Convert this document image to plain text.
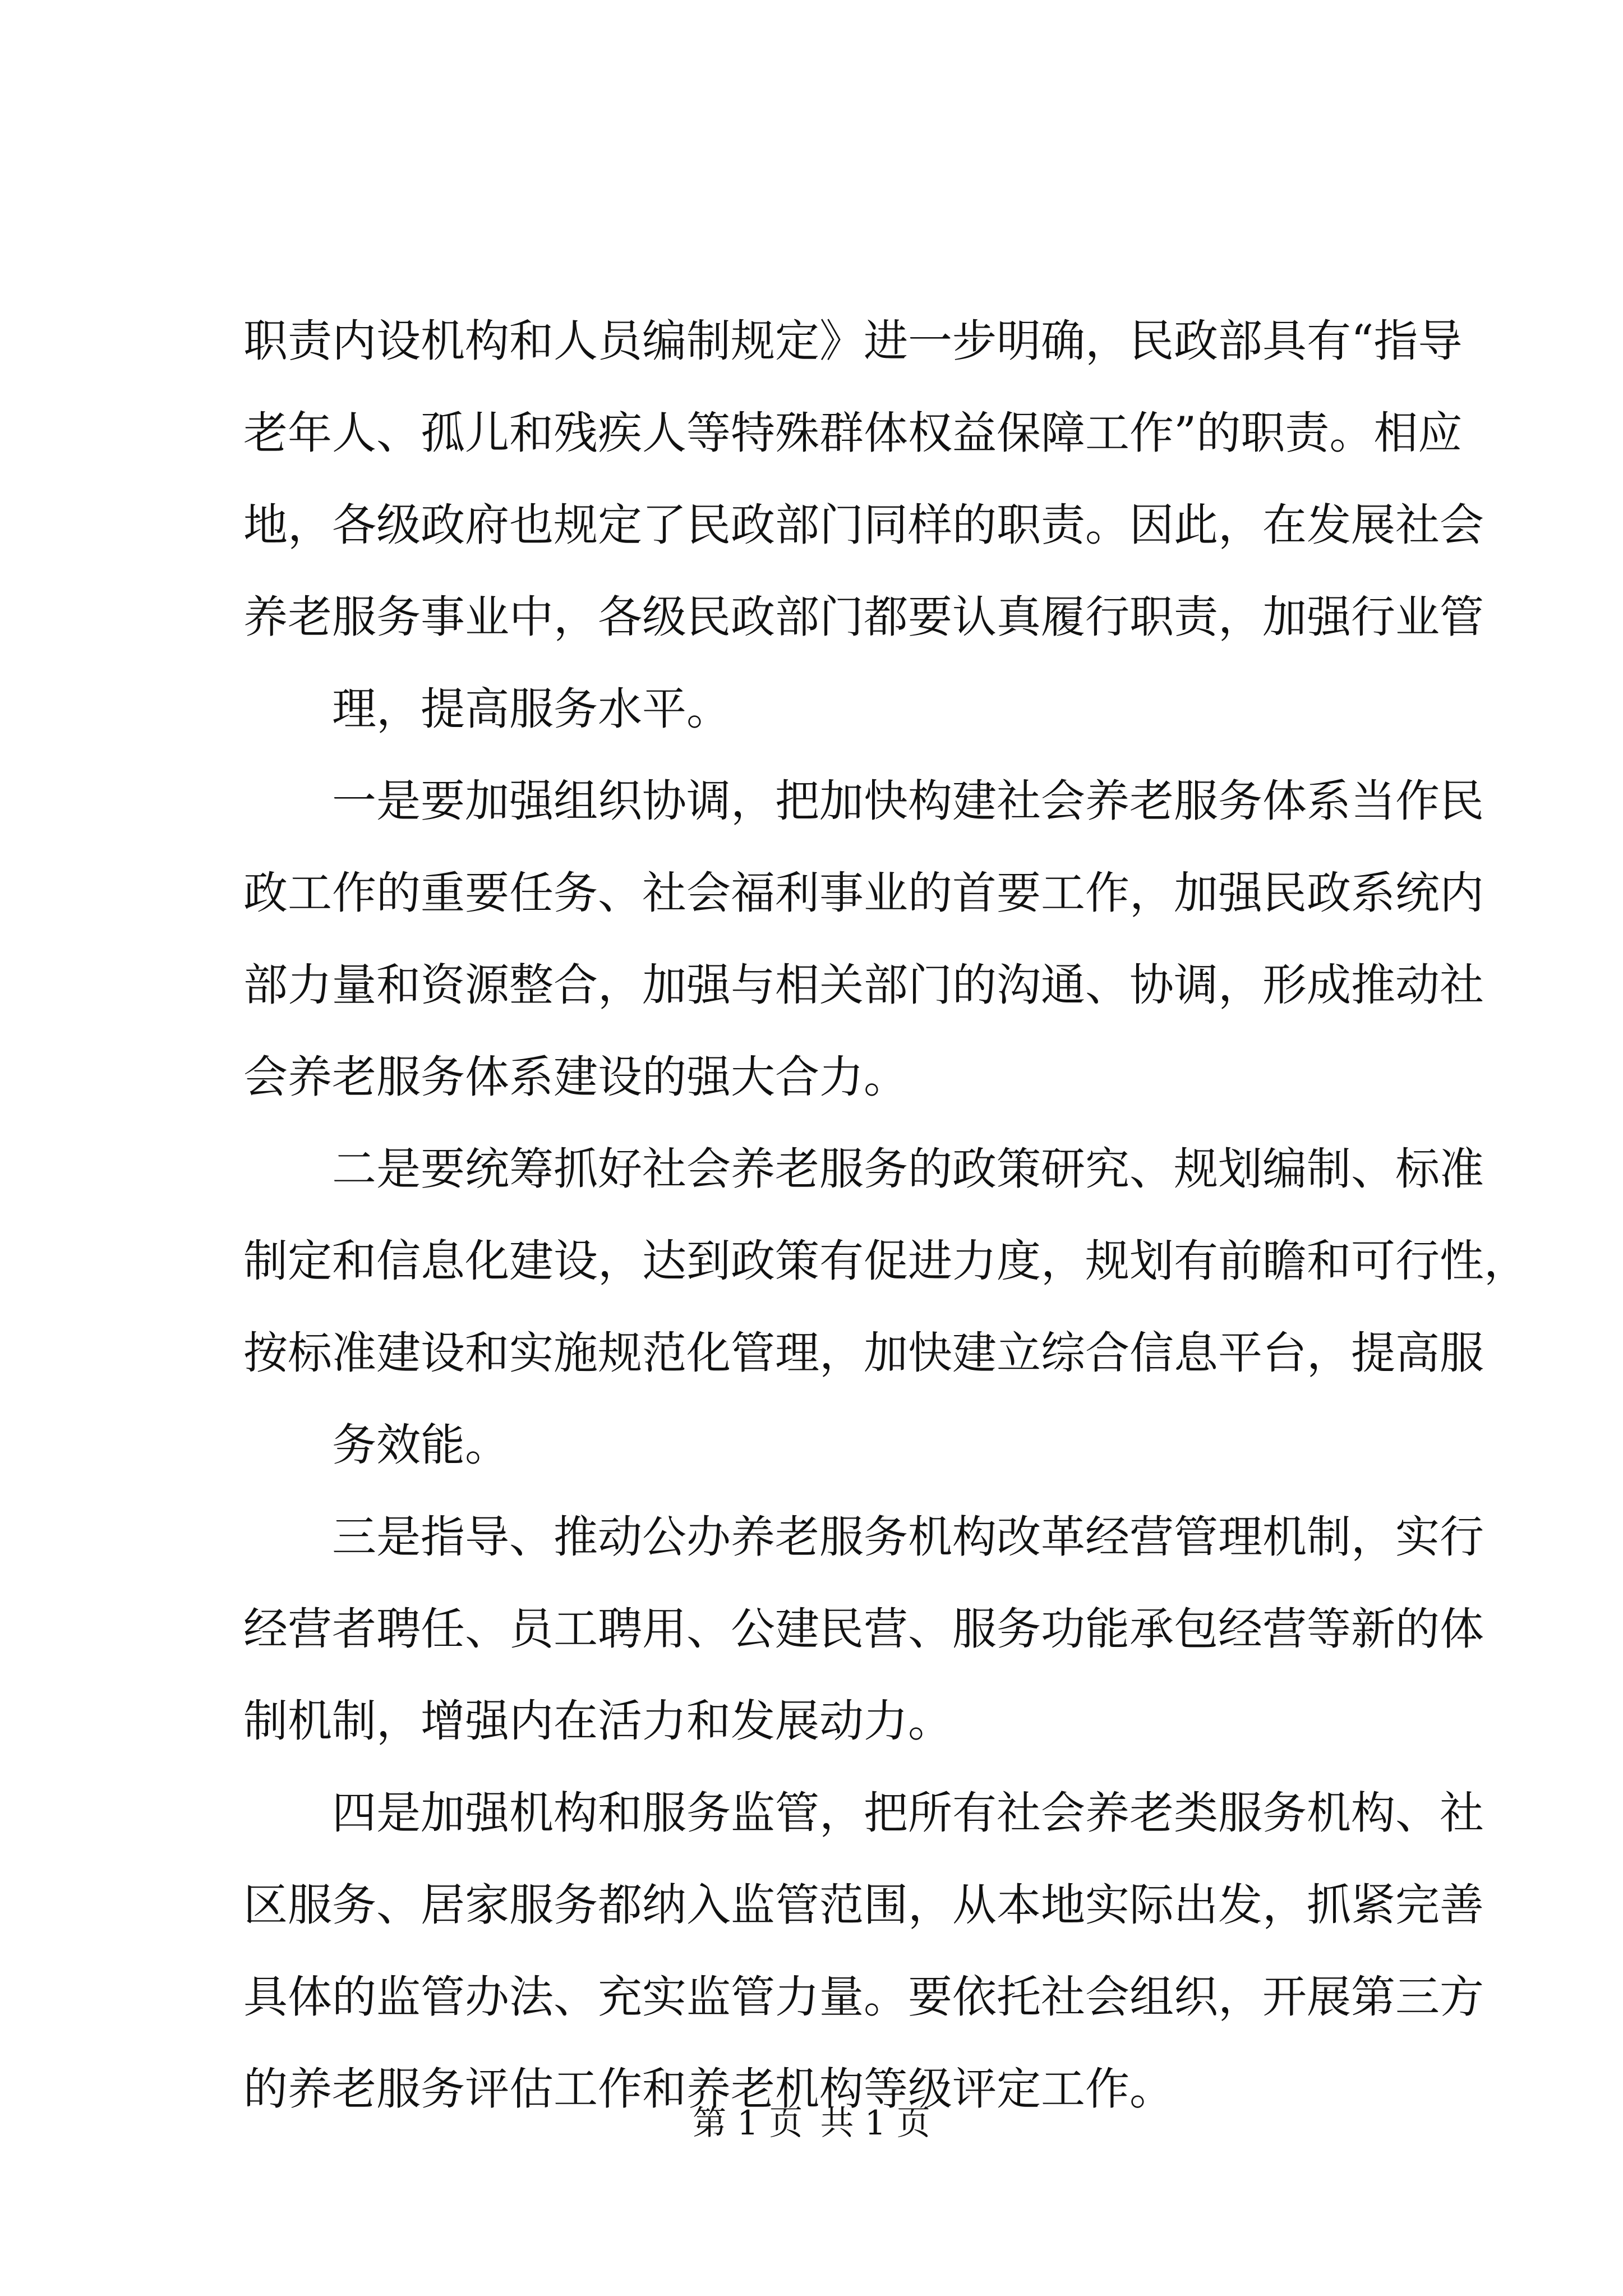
职责内设机构和人员编制规定》进一步明确，民政部具有“指导
老年人、孤儿和残疾人等特殊群体权益保障工作”的职责。相应
地，各级政府也规定了民政部门同样的职责。因此，在发展社会
养老服务事业中，各级民政部门都要认真履行职责，加强行业管
理，提高服务水平。
一是要加强组织协调，把加快构建社会养老服务体系当作民
政工作的重要任务、社会福利事业的首要工作，加强民政系统内
部力量和资源整合，加强与相关部门的沟通、协调，形成推动社
会养老服务体系建设的强大合力。
二是要统筹抓好社会养老服务的政策研究、规划编制、标准
制定和信息化建设，达到政策有促进力度，规划有前瞻和可行性，
按标准建设和实施规范化管理，加快建立综合信息平台，提高服
务效能。
三是指导、推动公办养老服务机构改革经营管理机制，实行
经营者聘任、员工聘用、公建民营、服务功能承包经营等新的体
制机制，增强内在活力和发展动力。
四是加强机构和服务监管，把所有社会养老类服务机构、社
区服务、居家服务都纳入监管范围，从本地实际出发，抓紧完善
具体的监管办法、充实监管力量。要依托社会组织，开展第三方
的养老服务评估工作和养老机构等级评定工作。
第 1 页 共 1 页
